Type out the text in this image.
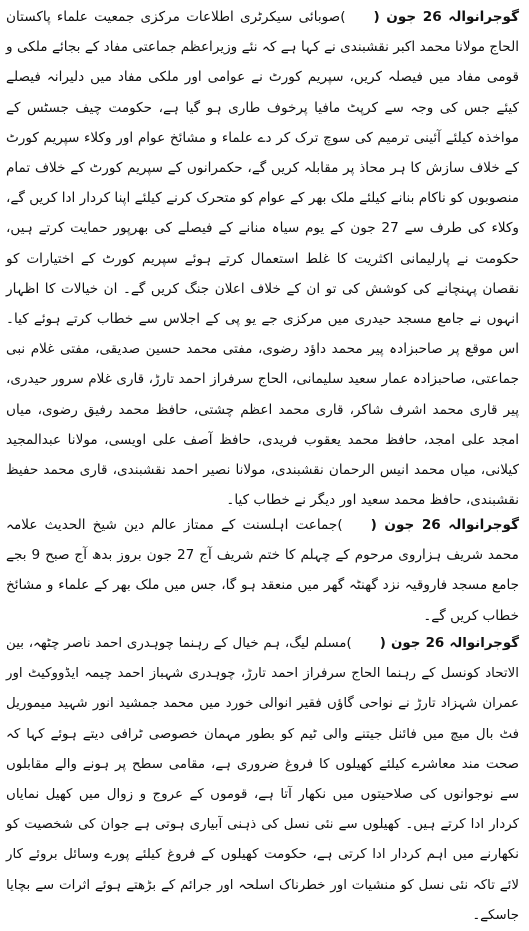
گوجرانوالہ 26 جون ()صوبائی سیکرٹری اطلاعات مرکزی جمعیت علماء پاکستان الحاج مولانا محمد اکبر نقشبندی نے کہا ہے کہ نئے وزیراعظم جماعتی مفاد کے بجائے ملکی و قومی مفاد میں فیصلہ کریں، سپریم کورٹ نے عوامی اور ملکی مفاد میں دلیرانہ فیصلے کیئے جس کی وجہ سے کرپٹ مافیا پرخوف طاری ہو گیا ہے، حکومت چیف جسٹس کے مواخذہ کیلئے آئینی ترمیم کی سوچ ترک کر دے علماء و مشائخ عوام اور وکلاء سپریم کورٹ کے خلاف سازش کا ہر محاذ پر مقابلہ کریں گے، حکمرانوں کے سپریم کورٹ کے خلاف تمام منصوبوں کو ناکام بنانے کیلئے ملک بھر کے عوام کو متحرک کرنے کیلئے اپنا کردار ادا کریں گے، وکلاء کی طرف سے 27 جون کے یوم سیاہ منانے کے فیصلے کی بھرپور حمایت کرتے ہیں، حکومت نے پارلیمانی اکثریت کا غلط استعمال کرتے ہوئے سپریم کورٹ کے اختیارات کو نقصان پہنچانے کی کوشش کی تو ان کے خلاف اعلان جنگ کریں گے۔ ان خیالات کا اظہار انہوں نے جامع مسجد حیدری میں مرکزی جے یو پی کے اجلاس سے خطاب کرتے ہوئے کیا۔ اس موقع پر صاحبزادہ پیر محمد داؤد رضوی، مفتی محمد حسین صدیقی، مفتی غلام نبی جماعتی، صاحبزادہ عمار سعید سلیمانی، الحاج سرفراز احمد تارڑ، قاری غلام سرور حیدری، پیر قاری محمد اشرف شاکر، قاری محمد اعظم چشتی، حافظ محمد رفیق رضوی، میاں امجد علی امجد، حافظ محمد یعقوب فریدی، حافظ آصف علی اویسی، مولانا عبدالمجید کیلانی، میاں محمد انیس الرحمان نقشبندی، مولانا نصیر احمد نقشبندی، قاری محمد حفیظ نقشبندی، حافظ محمد سعید اور دیگر نے خطاب کیا۔

گوجرانوالہ 26 جون ()جماعت اہلسنت کے ممتاز عالم دین شیخ الحدیث علامہ محمد شریف ہزاروی مرحوم کے چہلم کا ختم شریف آج 27 جون بروز بدھ آج صبح 9 بجے جامع مسجد فاروقیہ نزد گھنٹہ گھر میں منعقد ہو گا، جس میں ملک بھر کے علماء و مشائخ خطاب کریں گے۔

گوجرانوالہ 26 جون ()مسلم لیگ، ہم خیال کے رہنما چوہدری احمد ناصر چٹھہ، بین الاتحاد کونسل کے رہنما الحاج سرفراز احمد تارڑ، چوہدری شہباز احمد چیمہ ایڈووکیٹ اور عمران شہزاد تارڑ نے نواحی گاؤں فقیر انوالی خورد میں محمد جمشید انور شہید میموریل فٹ بال میچ میں فائنل جیتنے والی ٹیم کو بطور مہمان خصوصی ٹرافی دیتے ہوئے کہا کہ صحت مند معاشرے کیلئے کھیلوں کا فروغ ضروری ہے، مقامی سطح پر ہونے والے مقابلوں سے نوجوانوں کی صلاحیتوں میں نکھار آتا ہے، قوموں کے عروج و زوال میں کھیل نمایاں کردار ادا کرتے ہیں۔ کھیلوں سے نئی نسل کی ذہنی آبیاری ہوتی ہے جوان کی شخصیت کو نکھارنے میں اہم کردار ادا کرتی ہے، حکومت کھیلوں کے فروغ کیلئے پورے وسائل بروئے کار لائے تاکہ نئی نسل کو منشیات اور خطرناک اسلحہ اور جرائم کے بڑھتے ہوئے اثرات سے بچایا جاسکے۔
